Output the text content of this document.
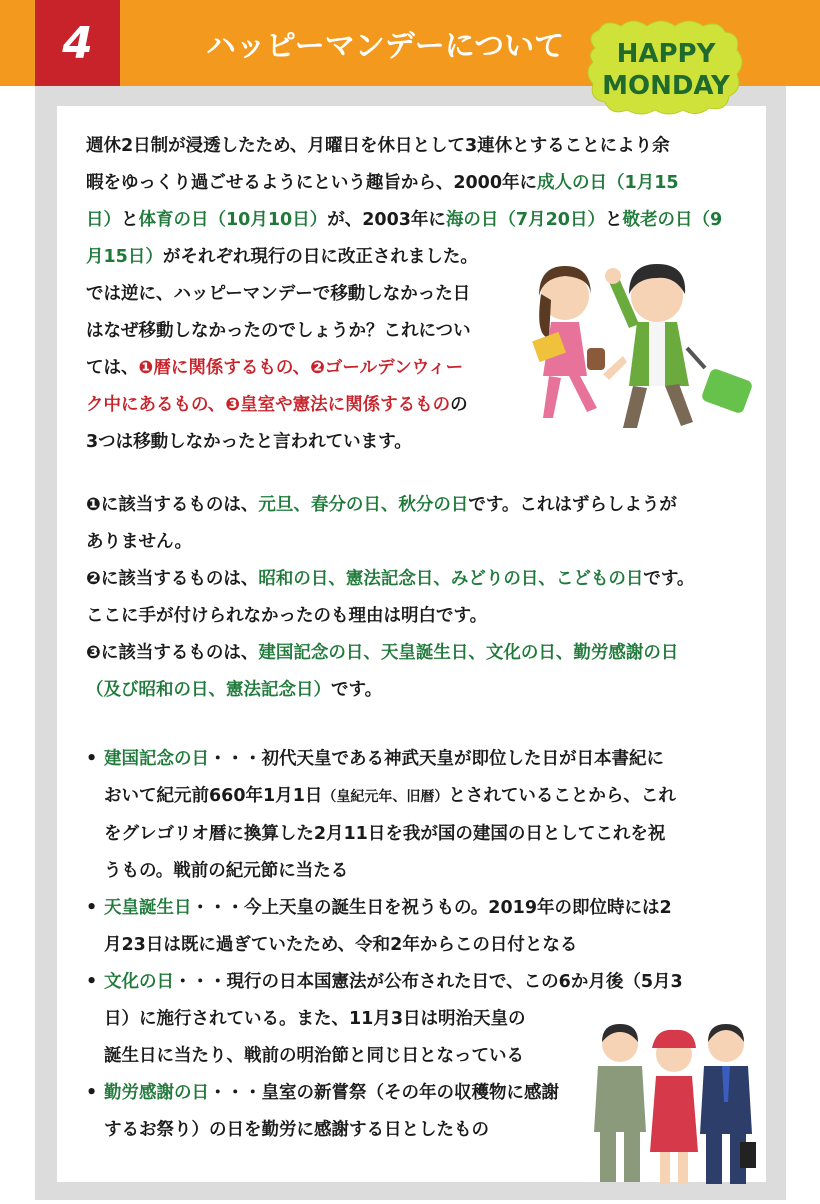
4	ハッピーマンデーについて	HAPPY
MONDAY

週休2日制が浸透したため、月曜日を休日として3連休とすることにより余

暇をゆっくり過ごせるようにという趣旨から、2000年に成人の日（1月15

日）と体育の日（10月10日）が、2003年に海の日（7月20日）と敬老の日（9

月15日）がそれぞれ現行の日に改正されました。

では逆に、ハッピーマンデーで移動しなかった日

はなぜ移動しなかったのでしょうか？これについ

ては、❶暦に関係するもの、❷ゴールデンウィー

ク中にあるもの、❸皇室や憲法に関係するものの

3つは移動しなかったと言われています。

❶に該当するものは、元旦、春分の日、秋分の日です。これはずらしようが

ありません。

❷に該当するものは、昭和の日、憲法記念日、みどりの日、こどもの日です。

ここに手が付けられなかったのも理由は明白です。

❸に該当するものは、建国記念の日、天皇誕生日、文化の日、勤労感謝の日

（及び昭和の日、憲法記念日）です。

• 建国記念の日・・・初代天皇である神武天皇が即位した日が日本書紀に
おいて紀元前660年1月1日（皇紀元年、旧暦）とされていることから、これ
をグレゴリオ暦に換算した2月11日を我が国の建国の日としてこれを祝
うもの。戦前の紀元節に当たる
• 天皇誕生日・・・今上天皇の誕生日を祝うもの。2019年の即位時には2
月23日は既に過ぎていたため、令和2年からこの日付となる
• 文化の日・・・現行の日本国憲法が公布された日で、この6か月後（5月3
日）に施行されている。また、11月3日は明治天皇の
誕生日に当たり、戦前の明治節と同じ日となっている
• 勤労感謝の日・・・皇室の新嘗祭（その年の収穫物に感謝
するお祭り）の日を勤労に感謝する日としたもの
